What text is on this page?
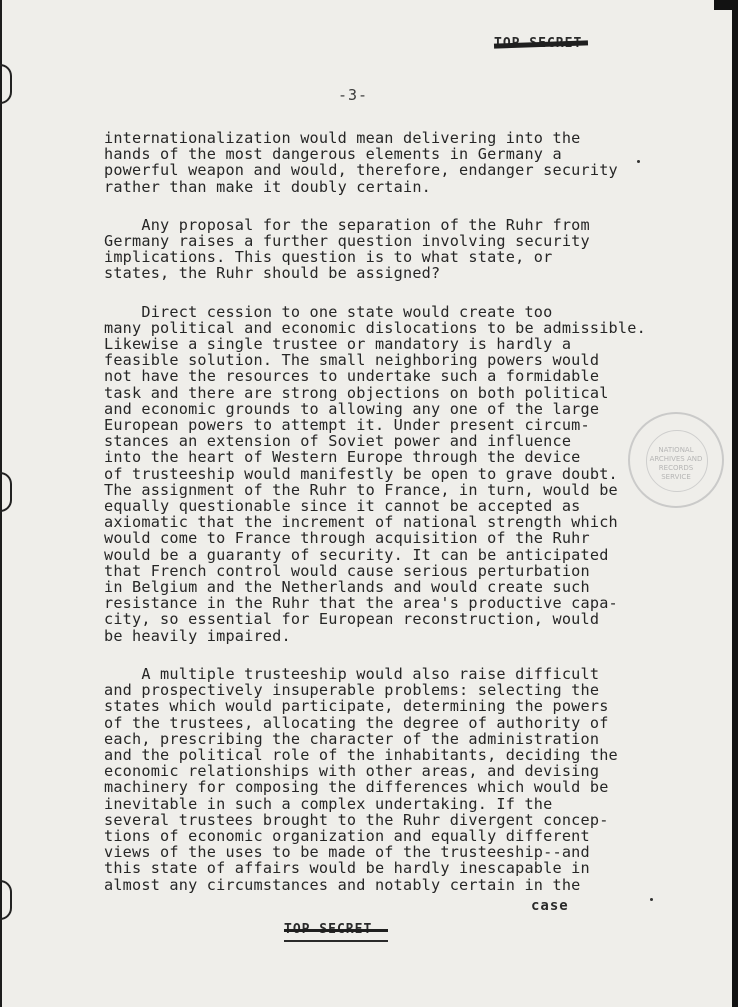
-3-
internationalization would mean delivering into the
hands of the most dangerous elements in Germany a
powerful weapon and would, therefore, endanger security
rather than make it doubly certain.
Any proposal for the separation of the Ruhr from
Germany raises a further question involving security
implications. This question is to what state, or
states, the Ruhr should be assigned?
Direct cession to one state would create too
many political and economic dislocations to be admissible.
Likewise a single trustee or mandatory is hardly a
feasible solution. The small neighboring powers would
not have the resources to undertake such a formidable
task and there are strong objections on both political
and economic grounds to allowing any one of the large
European powers to attempt it. Under present circum-
stances an extension of Soviet power and influence
into the heart of Western Europe through the device
of trusteeship would manifestly be open to grave doubt.
The assignment of the Ruhr to France, in turn, would be
equally questionable since it cannot be accepted as
axiomatic that the increment of national strength which
would come to France through acquisition of the Ruhr
would be a guaranty of security. It can be anticipated
that French control would cause serious perturbation
in Belgium and the Netherlands and would create such
resistance in the Ruhr that the area's productive capa-
city, so essential for European reconstruction, would
be heavily impaired.
A multiple trusteeship would also raise difficult
and prospectively insuperable problems: selecting the
states which would participate, determining the powers
of the trustees, allocating the degree of authority of
each, prescribing the character of the administration
and the political role of the inhabitants, deciding the
economic relationships with other areas, and devising
machinery for composing the differences which would be
inevitable in such a complex undertaking. If the
several trustees brought to the Ruhr divergent concep-
tions of economic organization and equally different
views of the uses to be made of the trusteeship--and
this state of affairs would be hardly inescapable in
almost any circumstances and notably certain in the
case
NATIONAL
ARCHIVES AND
RECORDS
SERVICE
